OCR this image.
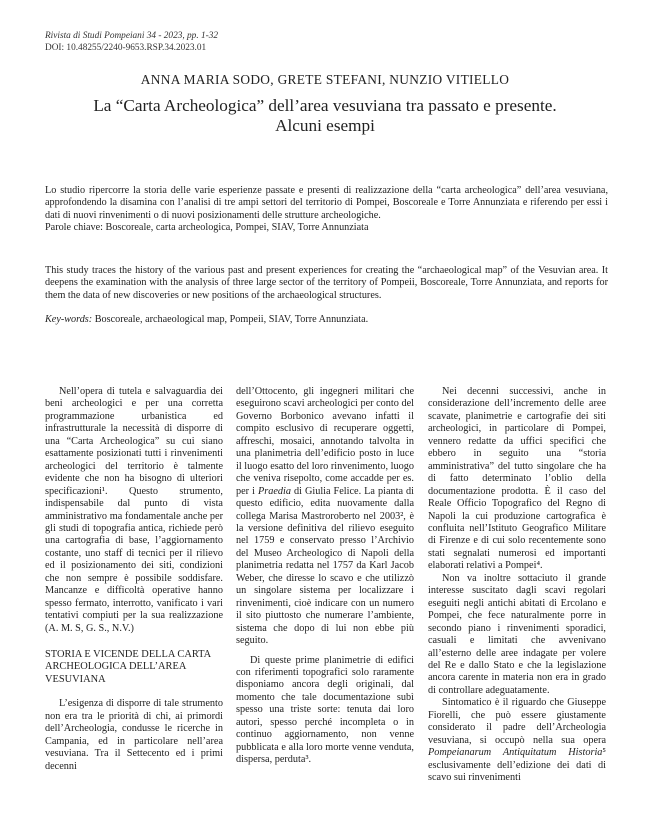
Rivista di Studi Pompeiani 34 - 2023, pp. 1-32
DOI: 10.48255/2240-9653.RSP.34.2023.01
ANNA MARIA SODO, GRETE STEFANI, NUNZIO VITIELLO
La “Carta Archeologica” dell’area vesuviana tra passato e presente.
Alcuni esempi

Lo studio ripercorre la storia delle varie esperienze passate e presenti di realizzazione della “carta archeologica” dell’area vesuviana, approfondendo la disamina con l’analisi di tre ampi settori del territorio di Pompei, Boscoreale e Torre Annunziata e riferendo per essi i dati di nuovi rinvenimenti o di nuovi posizionamenti delle strutture archeologiche.

Parole chiave: Boscoreale, carta archeologica, Pompei, SIAV, Torre Annunziata

This study traces the history of the various past and present experiences for creating the “archaeological map” of the Vesuvian area. It deepens the examination with the analysis of three large sector of the territory of Pompeii, Boscoreale, Torre Annunziata, and reports for them the data of new discoveries or new positions of the archaeological structures.

Key-words: Boscoreale, archaeological map, Pompeii, SIAV, Torre Annunziata.

Nell’opera di tutela e salvaguardia dei beni archeologici e per una corretta programmazione urbanistica ed infrastrutturale la necessità di disporre di una “Carta Archeologica” su cui siano esattamente posizionati tutti i rinvenimenti archeologici del territorio è talmente evidente che non ha bisogno di ulteriori specificazioni¹. Questo strumento, indispensabile dal punto di vista amministrativo ma fondamentale anche per gli studi di topografia antica, richiede però una cartografia di base, l’aggiornamento costante, uno staff di tecnici per il rilievo ed il posizionamento dei siti, condizioni che non sempre è possibile soddisfare. Mancanze e difficoltà operative hanno spesso fermato, interrotto, vanificato i vari tentativi compiuti per la sua realizzazione (A. M. S, G. S., N.V.)

STORIA E VICENDE DELLA CARTA ARCHEOLOGICA DELL’AREA VESUVIANA

L’esigenza di disporre di tale strumento non era tra le priorità di chi, ai primordi dell’Archeologia, condusse le ricerche in Campania, ed in particolare nell’area vesuviana. Tra il Settecento ed i primi decenni

dell’Ottocento, gli ingegneri militari che eseguirono scavi archeologici per conto del Governo Borbonico avevano infatti il compito esclusivo di recuperare oggetti, affreschi, mosaici, annotando talvolta in una planimetria dell’edificio posto in luce il luogo esatto del loro rinvenimento, luogo che veniva risepolto, come accadde per es. per i Praedia di Giulia Felice. La pianta di questo edificio, edita nuovamente dalla collega Marisa Mastroroberto nel 2003², è la versione definitiva del rilievo eseguito nel 1759 e conservato presso l’Archivio del Museo Archeologico di Napoli della planimetria redatta nel 1757 da Karl Jacob Weber, che diresse lo scavo e che utilizzò un singolare sistema per localizzare i rinvenimenti, cioè indicare con un numero il sito piuttosto che numerare l’ambiente, sistema che dopo di lui non ebbe più seguito.

Di queste prime planimetrie di edifici con riferimenti topografici solo raramente disponiamo ancora degli originali, dal momento che tale documentazione subì spesso una triste sorte: tenuta dai loro autori, spesso perché incompleta o in continuo aggiornamento, non venne pubblicata e alla loro morte venne venduta, dispersa, perduta³.

Nei decenni successivi, anche in considerazione dell’incremento delle aree scavate, planimetrie e cartografie dei siti archeologici, in particolare di Pompei, vennero redatte da uffici specifici che ebbero in seguito una “storia amministrativa” del tutto singolare che ha di fatto determinato l’oblio della documentazione prodotta. È il caso del Reale Officio Topografico del Regno di Napoli la cui produzione cartografica è confluita nell’Istituto Geografico Militare di Firenze e di cui solo recentemente sono stati segnalati numerosi ed importanti elaborati relativi a Pompei⁴.

Non va inoltre sottaciuto il grande interesse suscitato dagli scavi regolari eseguiti negli antichi abitati di Ercolano e Pompei, che fece naturalmente porre in secondo piano i rinvenimenti sporadici, casuali e limitati che avvenivano all’esterno delle aree indagate per volere del Re e dallo Stato e che la legislazione ancora carente in materia non era in grado di controllare adeguatamente.

Sintomatico è il riguardo che Giuseppe Fiorelli, che può essere giustamente considerato il padre dell’Archeologia vesuviana, si occupò nella sua opera Pompeianarum Antiquitatum Historia⁵ esclusivamente dell’edizione dei dati di scavo sui rinvenimenti
